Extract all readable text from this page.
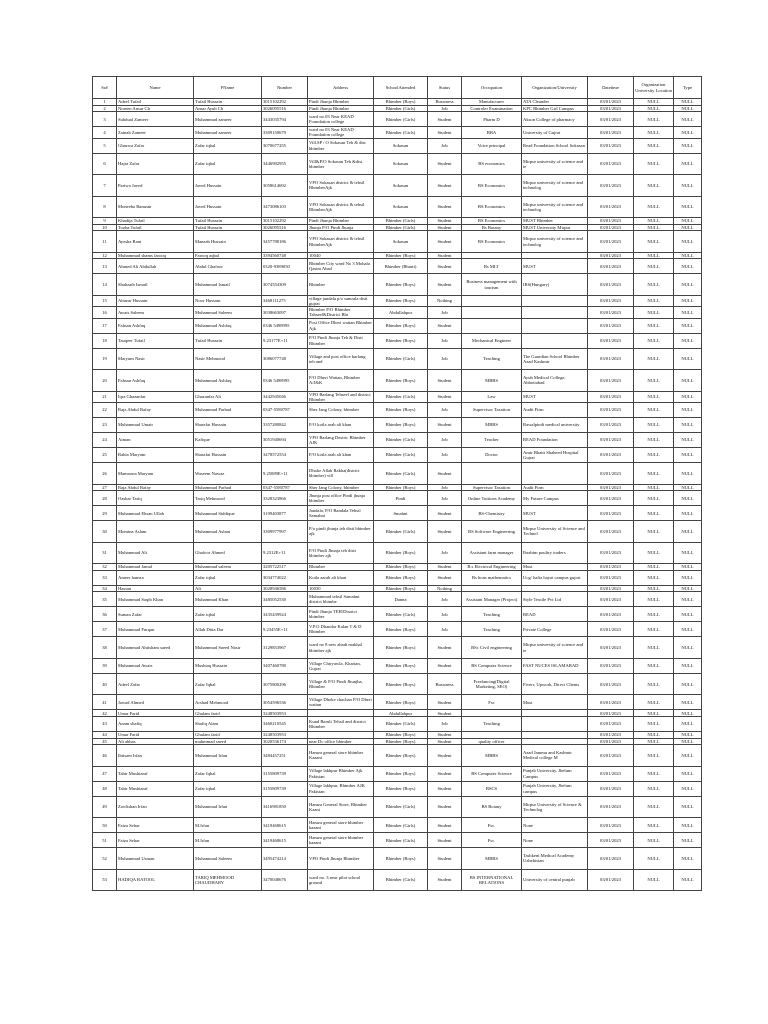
Sr#	Name	FName	Number	Address	SchoolAttended	Status	Occupation	Organization/University	Datetime	Organization University Location	Type
1	Adeel Tufail	Tufail Hussain	3015102292	Pindi Jhunja Bhimber	Bhimber (Boys)	Bussiness	Manufacturer	ATA Cleander	03/01/2023	NULL	NULL
2	Noreen Ansar Ch	Ansar Ayub Ch	3026095516	Pindi Jhunja Bhimber	Bhimber (Girls)	Job	Controler Examination	KPC Bhimber Girl Campus	03/01/2023	NULL	NULL
3	Suhdual Zameer	Muhammad zameer	3443035794	ward no.03 Near KEAD Foundation college	Bhimber (Girls)	Student	Pharm D	Akson College of pharmacy	03/01/2023	NULL	NULL
4	Zainab Zameer	Muhammad zameer	3309150679	ward no.03 Near KEAD Foundation college	Bhimber (Girls)	Student	BBA	University of Gujrat	03/01/2023	NULL	NULL
5	Ghazwa Zafar	Zafar iqbal	3070677255	Vill.SP / O Sokasan Teh & dist bhimber	Sokasan	Job	Voice principal	Read Foundation School Sokasan	03/01/2023	NULL	NULL
6	Hajra Zafar	Zafar iqbal	3446982955	Vill&P/O Sokasan Teh &dist bhimber	Sokasan	Student	BS economics	Mirpur university of science and te	03/01/2023	NULL	NULL
7	Pariwa Javed	Javed Hussain	3058614692	VPO Sokasan district & tehsil BhimberAjk	Sokasan	Student	BS Economics	Mirpur university of science and technolog	03/01/2023	NULL	NULL
8	Moneeba Ramzan	Javed Hussain	3473086103	VPO Sokasan district & tehsil BhimberAjk	Sokasan	Student	BS Economics	Mirpur university of science and technolog	03/01/2023	NULL	NULL
9	Khadija Tufail	Tufail Hussain	3015102292	Pindi Jhunja Bhimber	Bhimber (Girls)	Student	BS Economics	MUST Bhimber	03/01/2023	NULL	NULL
10	Tooba Tufail	Tufail Hussain	3026095516	Jhunja P/O Pindi Jhunja	Bhimber (Girls)	Student	Bs Botany	MUST University Mirpur	03/01/2023	NULL	NULL
11	Ayesha Rani	Manzab Hussain	3457788186	VPO Sokasan district & tehsil BhimberAjk	Sokasan	Student	BS Economics	Mirpur university of science and technolog	03/01/2023	NULL	NULL
12	Muhammad shams farooq	Farooq aqbal	3394560748	10040	Bhimber (Boys)	Student			03/01/2023	NULL	NULL
13	Ahmed Ali Abdullah	Abdul Ghafoor	0320-9389050	Bhimber City ward No 3 Mohala Qasim Abad	Bhimber (Bhartt)	Student	Bs MLT	MUST	03/01/2023	NULL	NULL
14	Shahzaib Ismail	Muhammad Ismail	3074554309	Bhimber	Bhimber (Boys)	Student	Business management with tourism	IBS(Hungary)	03/01/2023	NULL	NULL
15	Abuzar Hussain	Noor Hussain	3468111275	village jandala p/o samrala distt gujrat	Bhimber (Boys)	Nothing			03/01/2023	NULL	NULL
16	Awais Saleem	Muhammad Saleem	3038663097	Bhimber P/O Bhimber Tahseel&District Bhi	Abdullahpur	Job			03/01/2023	NULL	NULL
17	Fahsan Ashfaq	Muhammad Ashfaq	0346 5498995	Post Office Dheri wattan Bhimber Ajk	Bhimber (Boys)	Student			03/01/2023	NULL	NULL
18	Tauqeer Tufail	Tufail Hussain	9.23177E+11	P/O Pindi Jhunja Teh & Distt Bhimber	Bhimber (Boys)	Job	Mechanical Engineer		03/01/2023	NULL	NULL
19	Maryum Nasir	Nasir Mehmood	3086077748	Village and post office barlang teh and	Bhimber (Girls)	Job	Teaching	The Guardian School Bhimber Azad Kashmir	03/01/2023	NULL	NULL
20	Fahsan Ashfaq	Muhammad Ashfaq	0346 5498995	P/O Dheri Wattan, Bhimber A/J&K	Bhimber (Boys)	Student	MBBS	Ayub Medical College, Abbottabad	03/01/2023	NULL	NULL
21	Iqra Ghazanfar	Ghazanfar Ali	3442945046	VPO Barlang Tehseel and district Bhimber	Bhimber (Girls)	Student	Law	MUST	03/01/2023	NULL	NULL
22	Raja Abdul Rafay	Muhammad Parhad	0347-5580787	Sher Jang Colony, bhimber	Bhimber (Boys)	Job	Supervisor Taxation	Audit Firm	03/01/2023	NULL	NULL
23	Muhammad Umair	Sharafat Hussain	3357280842	P/O kotla arab ali khan	Bhimber (Boys)	Student	MBBS	Rawalpindi medical university	03/01/2023	NULL	NULL
24	Aiman	Kafique	3051940694	VPO Barlang Destric Bhimber AJK	Bhimber (Girls)	Job	Teacher	READ Foundation	03/01/2023	NULL	NULL
25	Rabia Maryam	Sharafat Hussain	3478572554	P/O kotla arab ali khan	Bhimber (Girls)	Job	Doctor	Amir Bhatti Shaheed Hospital Gujrat	03/01/2023	NULL	NULL
26	Mamoona Maryam	Waseem Nawaz	9.25089E+11	Dhoke Allah Rakha(district bhimber) vill	Bhimber (Girls)	Student			03/01/2023	NULL	NULL
27	Raja Abdul Rafay	Muhammad Parhad	0347-5580787	Sher Jang Colony, bhimber	Bhimber (Boys)	Job	Supervisor Taxation	Audit Firm	03/01/2023	NULL	NULL
28	Oashar Tariq	Tariq Mehmood	3328323866	Jhunja post office Pindi jhunja bhimber	Pindi	Job	Online Tuitions Academy	My Future Campus	03/01/2023	NULL	NULL
29	Muhammad Ehsan Ullah	Muhammad Siddique	3109403877	Jandala, P/O Bandala Tehsil Samahni	Smahni	Student	BS-Chemistry	MUST	03/01/2023	NULL	NULL
30	Momina Aslam	Muhammad Aslam	3309977997	P/o pindi jhunja teh distt bhimber ajk	Bhimber (Girls)	Student	BS Software Engineering	Mirpur University of Science and Technol	03/01/2023	NULL	NULL
31	Muhammad Ali	Ghafoor Ahmed	9.2312E+11	P/O Pindi Jhunja teh distt bhimber ajk	Bhimber (Boys)	Job	Assistant farm manager	Ibrahim poultry traders	03/01/2023	NULL	NULL
32	Muhammad Jamal	Muhammad saleem	3205722517	Bhimber	Bhimber (Boys)	Student	B.s Electrical Engineering	Must	03/01/2023	NULL	NULL
33	Ameer hamza	Zafar iqbal	3034774022	Kotla aarab ali khan	Bhimber (Boys)	Student	Bs hons mathematics	Ucg/ hafiz hayat campus gujrat	03/01/2023	NULL	NULL
34	Hassan	Ali	3028946586	10030	Bhimber (Boys)	Nothing			03/01/2023	NULL	NULL
35	Muhammad Saqib Khan	Muhammad Khan	3485052530	Muhammad tehsil Samahni district bhimbe	Danna	Job	Assistant Manager (Project)	Style Textile Pvt Ltd	03/01/2023	NULL	NULL
36	Suman Zafar	Zafar iqbal	3435439924	Pindi Jhunja TEH/District bhimber	Bhimber (Girls)	Job	Teaching	READ	03/01/2023	NULL	NULL
37	Muhammad Furqan	Allah Ditta Dar	9.23455E+11	V.P.O Dhandar Kalan T & D Bhimber	Bhimber (Boys)	Job	Teaching	Private College	03/01/2023	NULL	NULL
38	Muhammad Ahtisham saeed	Muhammad Saeed Nasir	3129853967	ward no 8 new abadi makhal bhimber ajk	Bhimber (Boys)	Student	BSc Civil engineering	Mirpur university of science and te	03/01/2023	NULL	NULL
39	Muhammad Awais	Mushtaq Hussain	3407460780	Village Chiryawla, Kharian, Gujrat	Bhimber (Boys)	Student	BS Computer Science	FAST NUCES ISLAMABAD	03/01/2023	NULL	NULL
40	Adeel Zafar	Zafar Iqbal	3075800296	Village & P/O Pindi Jhunjha, Bhimber	Bhimber (Boys)	Bussiness	Freelancing(Digital Marketing, SEO)	Fiverr, Upwork, Direct Clients	03/01/2023	NULL	NULL
41	Jawad Ahmed	Arshad Mehmood	3054596536	Village Dhoke chachan P/O Dheri wattan	Bhimber (Boys)	Student	Fsc	Must	03/01/2023	NULL	NULL
42	Umar Farid	Ghulam farid	3248503953		Abdullahpur	Student			03/01/2023	NULL	NULL
43	Anam shafiq	Shafiq Alam	3460210545	Kund Baruli Tehsil and district Bhimber	Bhimber (Girls)	Job	Teaching		03/01/2023	NULL	NULL
44	Umar Farid	Ghulam farid	3248503953		Bhimber (Boys)	Student			03/01/2023	NULL	NULL
45	Ali abbas	muhmmad saeed	3020536174	near Dc office bhimber	Bhimber (Boys)	Student	quality officer		03/01/2023	NULL	NULL
46	Ibtisam Irfan	Muhammad Irfan	3484457251	Hamza general store bhimber Kaaani	Bhimber (Boys)	Student	MBBS	Azad Jammu and Kashmir Medical college M	03/01/2023	NULL	NULL
47	Tahir Mushtaraf	Zafar Iqbal	3155809739	Village lakhpur Bhimber Ajk Pakistan	Bhimber (Boys)	Student	BS Computer Science	Punjab University, Jhelum Campus	03/01/2023	NULL	NULL
48	Tahir Mushtaraf	Zafar iqbal	3155809739	Village lakhpur, Bhimber AJK Pakistan	Bhimber (Boys)	Student	BSCS	Punjab University, Jhelum campus	03/01/2023	NULL	NULL
49	Zoofishan Irfan	Muhammad Irfan	3416981850	Hamza General Store, Bhimber Kaani	Bhimber (Girls)	Student	BS Botany	Mirpur University of Science & Technolog	03/01/2023	NULL	NULL
50	Faiza Sehar	M.Irfan	3419468615	Hamza general store bhimber kaaani	Bhimber (Girls)	Student	Fsc.	None	03/01/2023	NULL	NULL
51	Faiza Sehar	M.Irfan	3419468615	Hamza general store bhimber kaaani	Bhimber (Girls)	Student	Fsc.	None	03/01/2023	NULL	NULL
52	Muhammad Usman	Muhammad Saleem	3495474214	VPO Pindi Jhunja Bhimber	Bhimber (Boys)	Student	MBBS	Tashkent Medical Academy Uzbekistan	03/01/2023	NULL	NULL
53	HADIQA BATOOL	TARIQ MEHMOOD CHAUDHARY	3470048676	ward no. 3 near pilot school ground	Bhimber (Girls)	Student	BS INTERNATIONAL RELATIONS	University of central punjab	03/01/2023	NULL	NULL
